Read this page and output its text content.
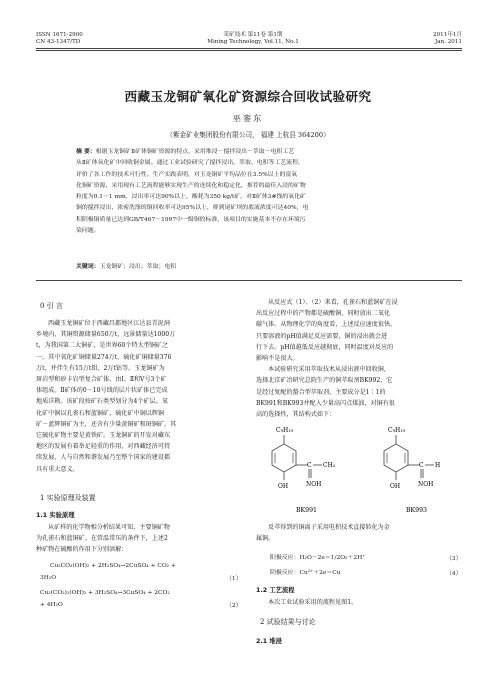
ISSN 1671-2900
CN 43-1347/TD
采矿技术 第11卷 第1期
Mining Technology, Vol.11, No.1
2011年1月
Jan. 2011
西藏玉龙铜矿氧化矿资源综合回收试验研究
巫銮东
（紫金矿业集团股份有限公司， 福建 上杭县 364200）
摘 要：根据玉龙铜矿Ⅱ矿体铜矿资源的特点，采用堆浸－搅拌浸出－萃取－电积工艺
从Ⅱ矿体氧化矿中回收铜金属。通过工业试验研究了搅拌浸出、萃取、电积等工艺流程，
评价了各工作的技术可行性。生产实践表明，对玉龙铜矿平均品位在3.5%以上的富氧
化铜矿资源，采用现有工艺流程能够实现生产的连续化和稳定化，推荐的最佳入浸的矿物
粒度为0.1～1 mm，浸出率可达90%以上，酸耗为350 kg/t矿。对Ⅱ矿体3#线的氧化矿
铜的搅拌浸出，浓密洗涤的铜回收率可达95%以上，排到尾矿坝的底流浓度可达40%，电
积阴极铜质量已达到GB/T467－1997中一级铜的标准，该项目的实施基本不存在环境污
染问题。
关键词：玉龙铜矿；浸出；萃取；电积
0 引 言
西藏玉龙铜矿位于西藏昌都地区江达县青泥洞
乡境内，其铜资源储量650万t，远景储量达1000万
t，为我国第二大铜矿，是世界60个特大型铜矿之
一。其中氧化矿铜储量274万t，硫化矿铜储量376
万t，并伴生有15万t钼、2万t钴等。玉龙铜矿为
斑岩型和矽卡岩型复合矿体，由Ⅰ、Ⅱ和Ⅴ号3个矿
体组成。Ⅱ矿体的0－10号线的层片状矿体已完成
地质详勘。该矿段按矿石类型划分为4个矿层。氧
化矿中铜以孔雀石和蓝铜矿、硫化矿中铜以辉铜
矿－蓝辉铜矿为主，还含有少量黄铜矿和斑铜矿，其
它硫化矿物主要是黄铁矿。玉龙铜矿的开发对藏东
地区的发展有着举足轻重的作用，对西藏经济可持
续发展、人与自然和谐发展乃至整个国家的建设都
具有重大意义。
1 实验原理及装置
1.1 实验原理
从矿样的化学物相分析结果可知，主要铜矿物
为孔雀石和蓝铜矿。在常温常压的条件下，上述2
种矿物在硫酸的作用下分别溶解：
Cu₂CO₃(OH)₂ + 2H₂SO₄→2CuSO₄ + CO₂ +
3H₂O	（1）
Cu₃(CO₃)₂(OH)₂ + 3H₂SO₄→3CuSO₄ + 2CO₂
+ 4H₂O	（2）
从反应式（1）、（2）来看，孔雀石和蓝铜矿在浸
出反应过程中的产物都是硫酸铜，同时放出二氧化
碳气体。从物理化学的角度看，上述反应速度很快。
只要溶液的pH值满足反应需要，铜的浸出就会进
行下去。pH值越低反应越彻底，同时温度对反应的
影响不是很大。
本试验研究采用萃取技术从浸出液中回收铜，
选择北京矿冶研究总院生产的铜萃取剂BK992，它
是经过复配的螯合型萃取剂，主要成分是1∶1的
BK991和BK993并配入少量高闪点煤油，对铜有很
高的选择性，其结构式如下：
C₉H₁₉
C CH₃
NOH
OH
BK991
C₉H₁₉
C H
NOH
OH
BK993
反萃得到的铜离子采用电积技术直接转化为金
属铜。
阳极反应：H₂O－2e＝1/2O₂＋2H⁺	（3）
阴极反应：Cu²⁺＋2e＝Cu	（4）
1.2 工艺流程
本次工业试验采用的流程见图1。
2 试验结果与讨论
2.1 堆浸
